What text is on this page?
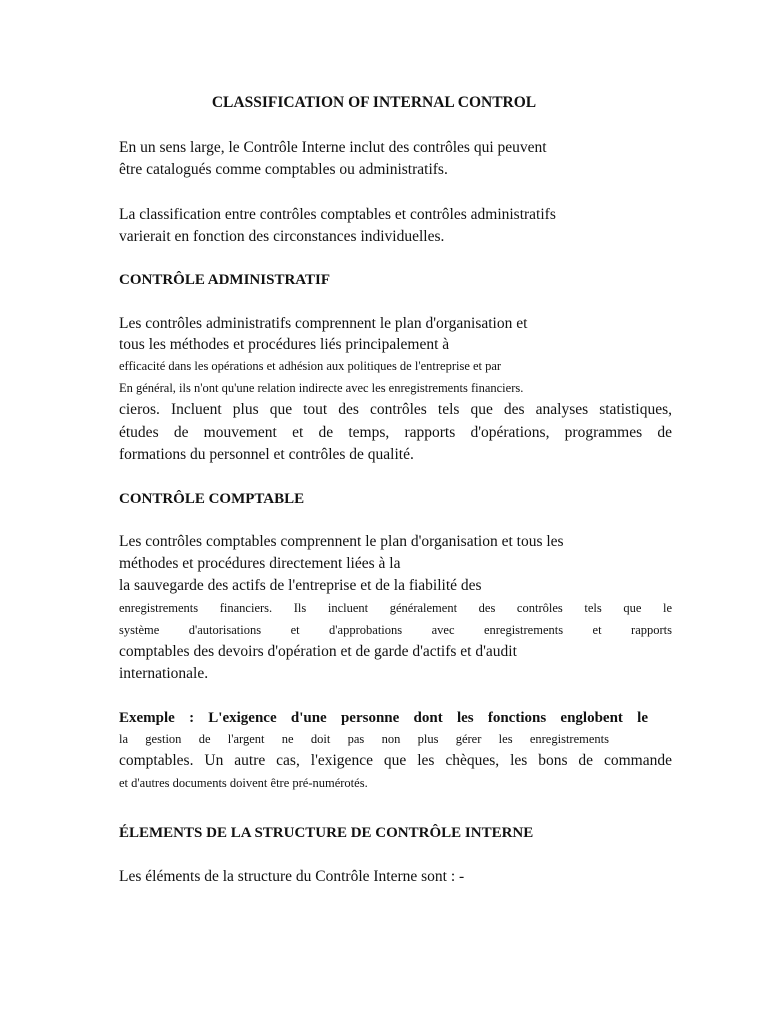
CLASSIFICATION OF INTERNAL CONTROL

En un sens large, le Contrôle Interne inclut des contrôles qui peuvent

être catalogués comme comptables ou administratifs.

La classification entre contrôles comptables et contrôles administratifs

varierait en fonction des circonstances individuelles.

CONTRÔLE ADMINISTRATIF

Les contrôles administratifs comprennent le plan d'organisation et

tous les méthodes et procédures liés principalement à

efficacité dans les opérations et adhésion aux politiques de l'entreprise et par

En général, ils n'ont qu'une relation indirecte avec les enregistrements financiers.

cieros. Incluent plus que tout des contrôles tels que des analyses statistiques,

études de mouvement et de temps, rapports d'opérations, programmes de

formations du personnel et contrôles de qualité.

CONTRÔLE COMPTABLE

Les contrôles comptables comprennent le plan d'organisation et tous les

méthodes et procédures directement liées à la

la sauvegarde des actifs de l'entreprise et de la fiabilité des

enregistrements financiers. Ils incluent généralement des contrôles tels que le

système d'autorisations et d'approbations avec enregistrements et rapports

comptables des devoirs d'opération et de garde d'actifs et d'audit

internationale.

Exemple : L'exigence d'une personne dont les fonctions englobent le

la gestion de l'argent ne doit pas non plus gérer les enregistrements

comptables. Un autre cas, l'exigence que les chèques, les bons de commande

et d'autres documents doivent être pré-numérotés.

ÉLEMENTS DE LA STRUCTURE DE CONTRÔLE INTERNE

Les éléments de la structure du Contrôle Interne sont : -
